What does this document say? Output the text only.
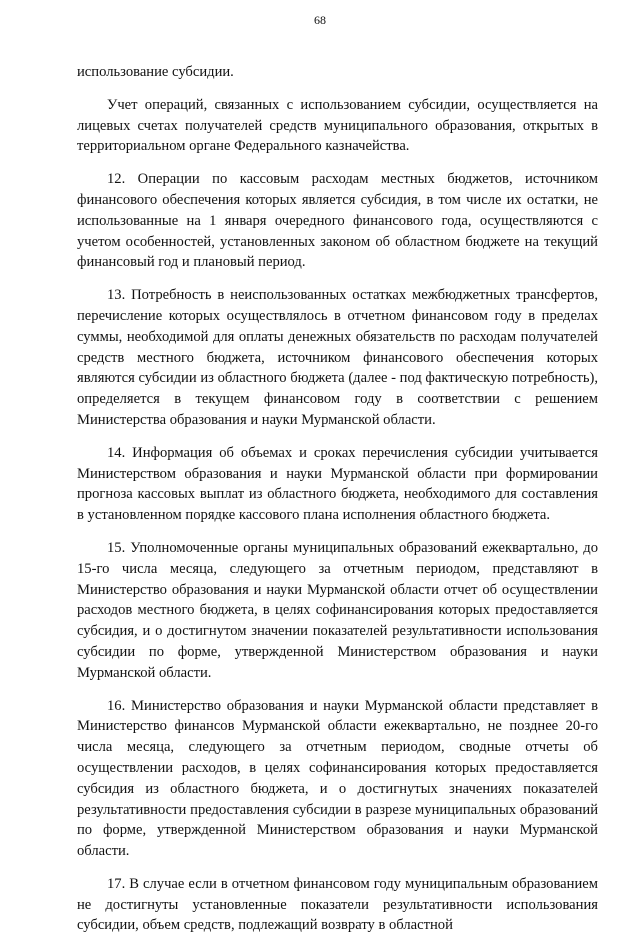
68

использование субсидии.

Учет операций, связанных с использованием субсидии, осуществляется на лицевых счетах получателей средств муниципального образования, открытых в территориальном органе Федерального казначейства.

12. Операции по кассовым расходам местных бюджетов, источником финансового обеспечения которых является субсидия, в том числе их остатки, не использованные на 1 января очередного финансового года, осуществляются с учетом особенностей, установленных законом об областном бюджете на текущий финансовый год и плановый период.

13. Потребность в неиспользованных остатках межбюджетных трансфертов, перечисление которых осуществлялось в отчетном финансовом году в пределах суммы, необходимой для оплаты денежных обязательств по расходам получателей средств местного бюджета, источником финансового обеспечения которых являются субсидии из областного бюджета (далее - под фактическую потребность), определяется в текущем финансовом году в соответствии с решением Министерства образования и науки Мурманской области.

14. Информация об объемах и сроках перечисления субсидии учитывается Министерством образования и науки Мурманской области при формировании прогноза кассовых выплат из областного бюджета, необходимого для составления в установленном порядке кассового плана исполнения областного бюджета.

15. Уполномоченные органы муниципальных образований ежеквартально, до 15-го числа месяца, следующего за отчетным периодом, представляют в Министерство образования и науки Мурманской области отчет об осуществлении расходов местного бюджета, в целях софинансирования которых предоставляется субсидия, и о достигнутом значении показателей результативности использования субсидии по форме, утвержденной Министерством образования и науки Мурманской области.

16. Министерство образования и науки Мурманской области представляет в Министерство финансов Мурманской области ежеквартально, не позднее 20-го числа месяца, следующего за отчетным периодом, сводные отчеты об осуществлении расходов, в целях софинансирования которых предоставляется субсидия из областного бюджета, и о достигнутых значениях показателей результативности предоставления субсидии в разрезе муниципальных образований по форме, утвержденной Министерством образования и науки Мурманской области.

17. В случае если в отчетном финансовом году муниципальным образованием не достигнуты установленные показатели результативности использования субсидии, объем средств, подлежащий возврату в областной
